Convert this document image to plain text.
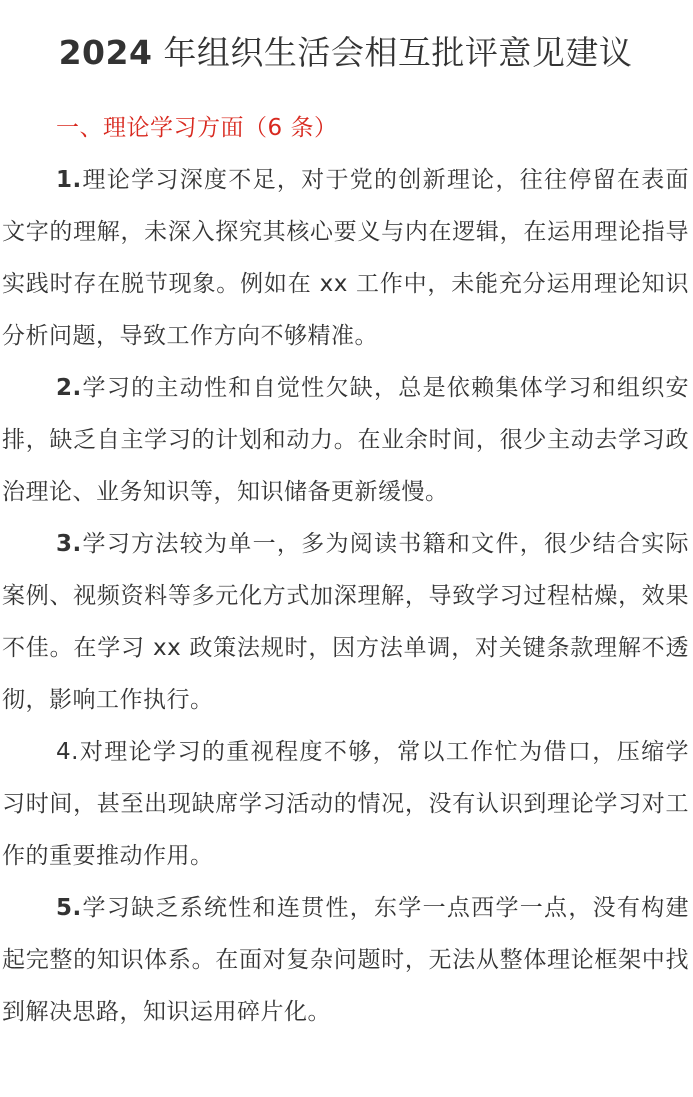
2024 年组织生活会相互批评意见建议
一、理论学习方面（6 条）

1.理论学习深度不足，对于党的创新理论，往往停留在表面文字的理解，未深入探究其核心要义与内在逻辑，在运用理论指导实践时存在脱节现象。例如在 xx 工作中，未能充分运用理论知识分析问题，导致工作方向不够精准。

2.学习的主动性和自觉性欠缺，总是依赖集体学习和组织安排，缺乏自主学习的计划和动力。在业余时间，很少主动去学习政治理论、业务知识等，知识储备更新缓慢。

3.学习方法较为单一，多为阅读书籍和文件，很少结合实际案例、视频资料等多元化方式加深理解，导致学习过程枯燥，效果不佳。在学习 xx 政策法规时，因方法单调，对关键条款理解不透彻，影响工作执行。

4.对理论学习的重视程度不够，常以工作忙为借口，压缩学习时间，甚至出现缺席学习活动的情况，没有认识到理论学习对工作的重要推动作用。

5.学习缺乏系统性和连贯性，东学一点西学一点，没有构建起完整的知识体系。在面对复杂问题时，无法从整体理论框架中找到解决思路，知识运用碎片化。
